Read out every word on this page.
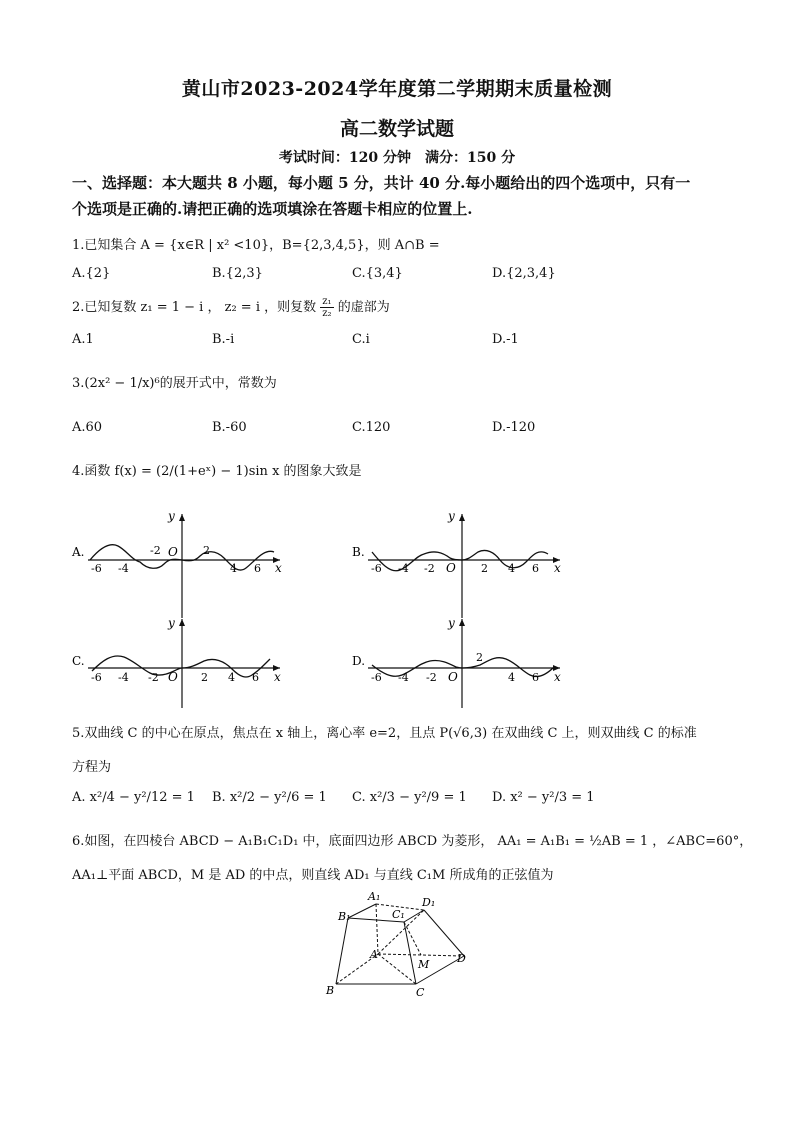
黄山市2023-2024学年度第二学期期末质量检测
高二数学试题
考试时间：120 分钟　满分：150 分
一、选择题：本大题共 8 小题，每小题 5 分，共计 40 分.每小题给出的四个选项中，只有一
个选项是正确的.请把正确的选项填涂在答题卡相应的位置上.
1.已知集合 A = {x∈R | x² <10}，B={2,3,4,5}，则 A∩B =
A.{2}	B.{2,3}	C.{3,4}	D.{2,3,4}
2.已知复数 z₁ = 1 − i ， z₂ = i ，则复数 $\frac{\text{z₁}}{\text{z₂}}$ 的虚部为
A.1	B.-i	C.i	D.-1
3.(2x² − 1/x)⁶的展开式中，常数为
A.60	B.-60	C.120	D.-120
4.函数 f(x) = (2/(1+eˣ) − 1)sin x 的图象大致是
A.
-6 -4
-2 O 2
4 6 x
y
B.
-6 -4 -2 O 2 4 6 x
y
C.
-6 -4 -2 O 2 4 6 x
y
D.
-6 -4 -2 O
2
4 6 x
y
5.双曲线 C 的中心在原点，焦点在 x 轴上，离心率 e=2，且点 P(√6,3) 在双曲线 C 上，则双曲线 C 的标准
方程为
A. x²/4 − y²/12 = 1 B. x²/2 − y²/6 = 1 C. x²/3 − y²/9 = 1 D. x² − y²/3 = 1
6.如图，在四棱台 ABCD − A₁B₁C₁D₁ 中，底面四边形 ABCD 为菱形， AA₁ = A₁B₁ = ½AB = 1 ，∠ABC=60°，
AA₁⊥平面 ABCD，M 是 AD 的中点，则直线 AD₁ 与直线 C₁M 所成角的正弦值为
A₁
B₁	C₁
D₁
A
B	C
D
M
